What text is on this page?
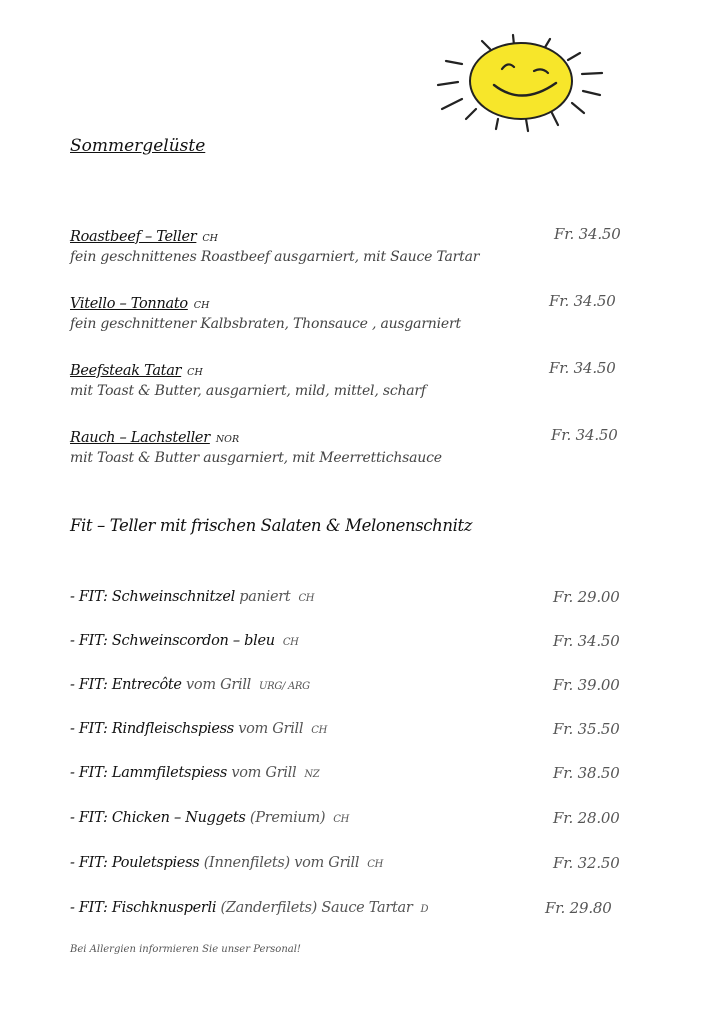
Sommergelüste
Roastbeef – Teller CH	Fr. 34.50
fein geschnittenes Roastbeef ausgarniert, mit Sauce Tartar
Vitello – Tonnato CH	Fr. 34.50
fein geschnittener Kalbsbraten, Thonsauce , ausgarniert
Beefsteak Tatar CH	Fr. 34.50
mit Toast & Butter, ausgarniert, mild, mittel, scharf
Rauch – Lachsteller NOR	Fr. 34.50
mit Toast & Butter ausgarniert, mit Meerrettichsauce
Fit – Teller mit frischen Salaten & Melonenschnitz
- FIT: Schweinschnitzel paniert CH	Fr. 29.00
- FIT: Schweinscordon – bleu CH	Fr. 34.50
- FIT: Entrecôte vom Grill URG/ ARG	Fr. 39.00
- FIT: Rindfleischspiess vom Grill CH	Fr. 35.50
- FIT: Lammfiletspiess vom Grill NZ	Fr. 38.50
- FIT: Chicken – Nuggets (Premium) CH	Fr. 28.00
- FIT: Pouletspiess (Innenfilets) vom Grill CH	Fr. 32.50
- FIT: Fischknusperli (Zanderfilets) Sauce Tartar D	Fr. 29.80
Bei Allergien informieren Sie unser Personal!
